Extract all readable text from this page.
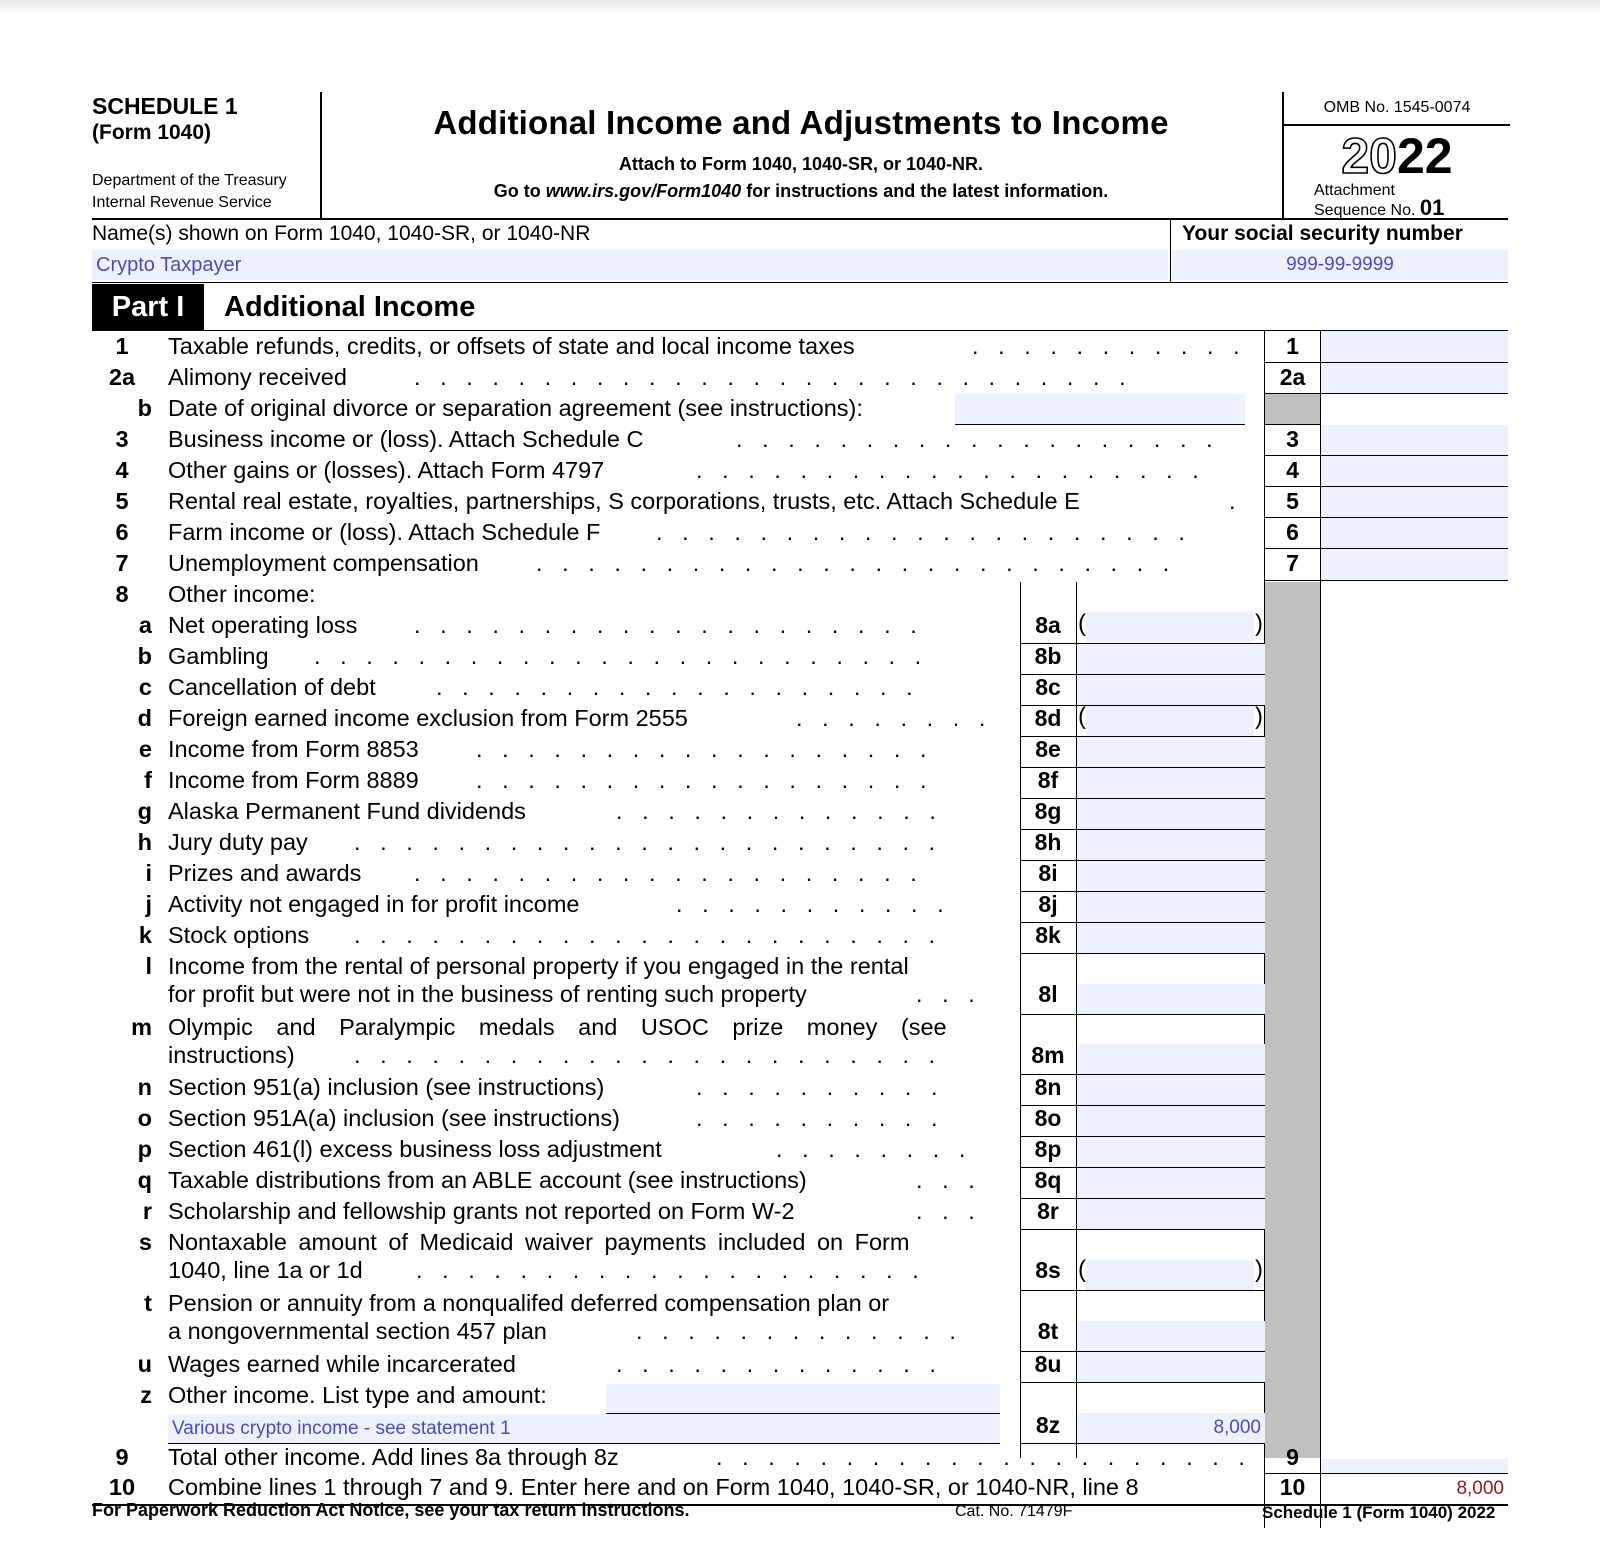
SCHEDULE 1
(Form 1040)
Department of the Treasury
Internal Revenue Service
Additional Income and Adjustments to Income
Attach to Form 1040, 1040-SR, or 1040-NR.
Go to www.irs.gov/Form1040 for instructions and the latest information.
OMB No. 1545-0074
2022
Attachment
Sequence No. 01
Name(s) shown on Form 1040, 1040-SR, or 1040-NR
Crypto Taxpayer
Your social security number
999-99-9999
Part I	Additional Income
1	Taxable refunds, credits, or offsets of state and local income taxes	.   .   .   .   .   .   .   .   .   .   .	1
2a	Alimony received	.   .   .   .   .   .   .   .   .   .   .   .   .   .   .   .   .   .   .   .   .   .   .   .   .   .   .   .	2a
b Date of original divorce or separation agreement (see instructions):
3	Business income or (loss). Attach Schedule C	.   .   .   .   .   .   .   .   .   .   .   .   .   .   .   .   .   .   .	3
4	Other gains or (losses). Attach Form 4797	.   .   .   .   .   .   .   .   .   .   .   .   .   .   .   .   .   .   .   .	4
5	Rental real estate, royalties, partnerships, S corporations, trusts, etc. Attach Schedule E	.	5
6	Farm income or (loss). Attach Schedule F .   .   .   .   .   .   .   .   .   .   .   .   .   .   .   .   .   .   .   .   .	6
7	Unemployment compensation .   .   .   .   .   .   .   .   .   .   .   .   .   .   .   .   .   .   .   .   .   .   .   .   .	7
8	Other income:
a Net operating loss .   .   .   .   .   .   .   .   .   .   .   .   .   .   .   .   .   .   .   .	8a (	)
b Gambling .   .   .   .   .   .   .   .   .   .   .   .   .   .   .   .   .   .   .   .   .   .   .   .	8b
c Cancellation of debt	.   .   .   .   .   .   .   .   .   .   .   .   .   .   .   .   .   .   .	8c
d Foreign earned income exclusion from Form 2555	.   .   .   .   .   .   .   .	8d (	)
e Income from Form 8853 .   .   .   .   .   .   .   .   .   .   .   .   .   .   .   .   .   .	8e
f Income from Form 8889 .   .   .   .   .   .   .   .   .   .   .   .   .   .   .   .   .   .	8f
g Alaska Permanent Fund dividends	.   .   .   .   .   .   .   .   .   .   .   .   .	8g
h Jury duty pay .   .   .   .   .   .   .   .   .   .   .   .   .   .   .   .   .   .   .   .   .   .   .	8h
i Prizes and awards .   .   .   .   .   .   .   .   .   .   .   .   .   .   .   .   .   .   .   .	8i
j Activity not engaged in for profit income	.   .   .   .   .   .   .   .   .   .   .	8j
k Stock options .   .   .   .   .   .   .   .   .   .   .   .   .   .   .   .   .   .   .   .   .   .   .	8k
l Income from the rental of personal property if you engaged in the rental
for profit but were not in the business of renting such property	.   .   .	8l
m Olympic and Paralympic medals and USOC prize money (see
instructions)	.   .   .   .   .   .   .   .   .   .   .   .   .   .   .   .   .   .   .   .   .   .   .	8m
n Section 951(a) inclusion (see instructions)	.   .   .   .   .   .   .   .   .   .	8n
o Section 951A(a) inclusion (see instructions)	.   .   .   .   .   .   .   .   .   .	8o
p Section 461(l) excess business loss adjustment	.   .   .   .   .   .   .   .	8p
q Taxable distributions from an ABLE account (see instructions)	.   .   .	8q
r Scholarship and fellowship grants not reported on Form W-2	.   .   .	8r
s Nontaxable amount of Medicaid waiver payments included on Form
1040, line 1a or 1d .   .   .   .   .   .   .   .   .   .   .   .   .   .   .   .   .   .   .   .	8s (	)
t Pension or annuity from a nonqualifed deferred compensation plan or
a nongovernmental section 457 plan	.   .   .   .   .   .   .   .   .   .   .   .   .	8t
u Wages earned while incarcerated	.   .   .   .   .   .   .   .   .   .   .   .   .	8u
z Other income. List type and amount:
Various crypto income - see statement 1	8z	8,000
9	Total other income. Add lines 8a through 8z	.   .   .   .   .   .   .   .   .   .   .   .   .   .   .   .   .   .   .   .   .	9
10	Combine lines 1 through 7 and 9. Enter here and on Form 1040, 1040-SR, or 1040-NR, line 8	10	8,000
For Paperwork Reduction Act Notice, see your tax return instructions.	Cat. No. 71479F	Schedule 1 (Form 1040) 2022
